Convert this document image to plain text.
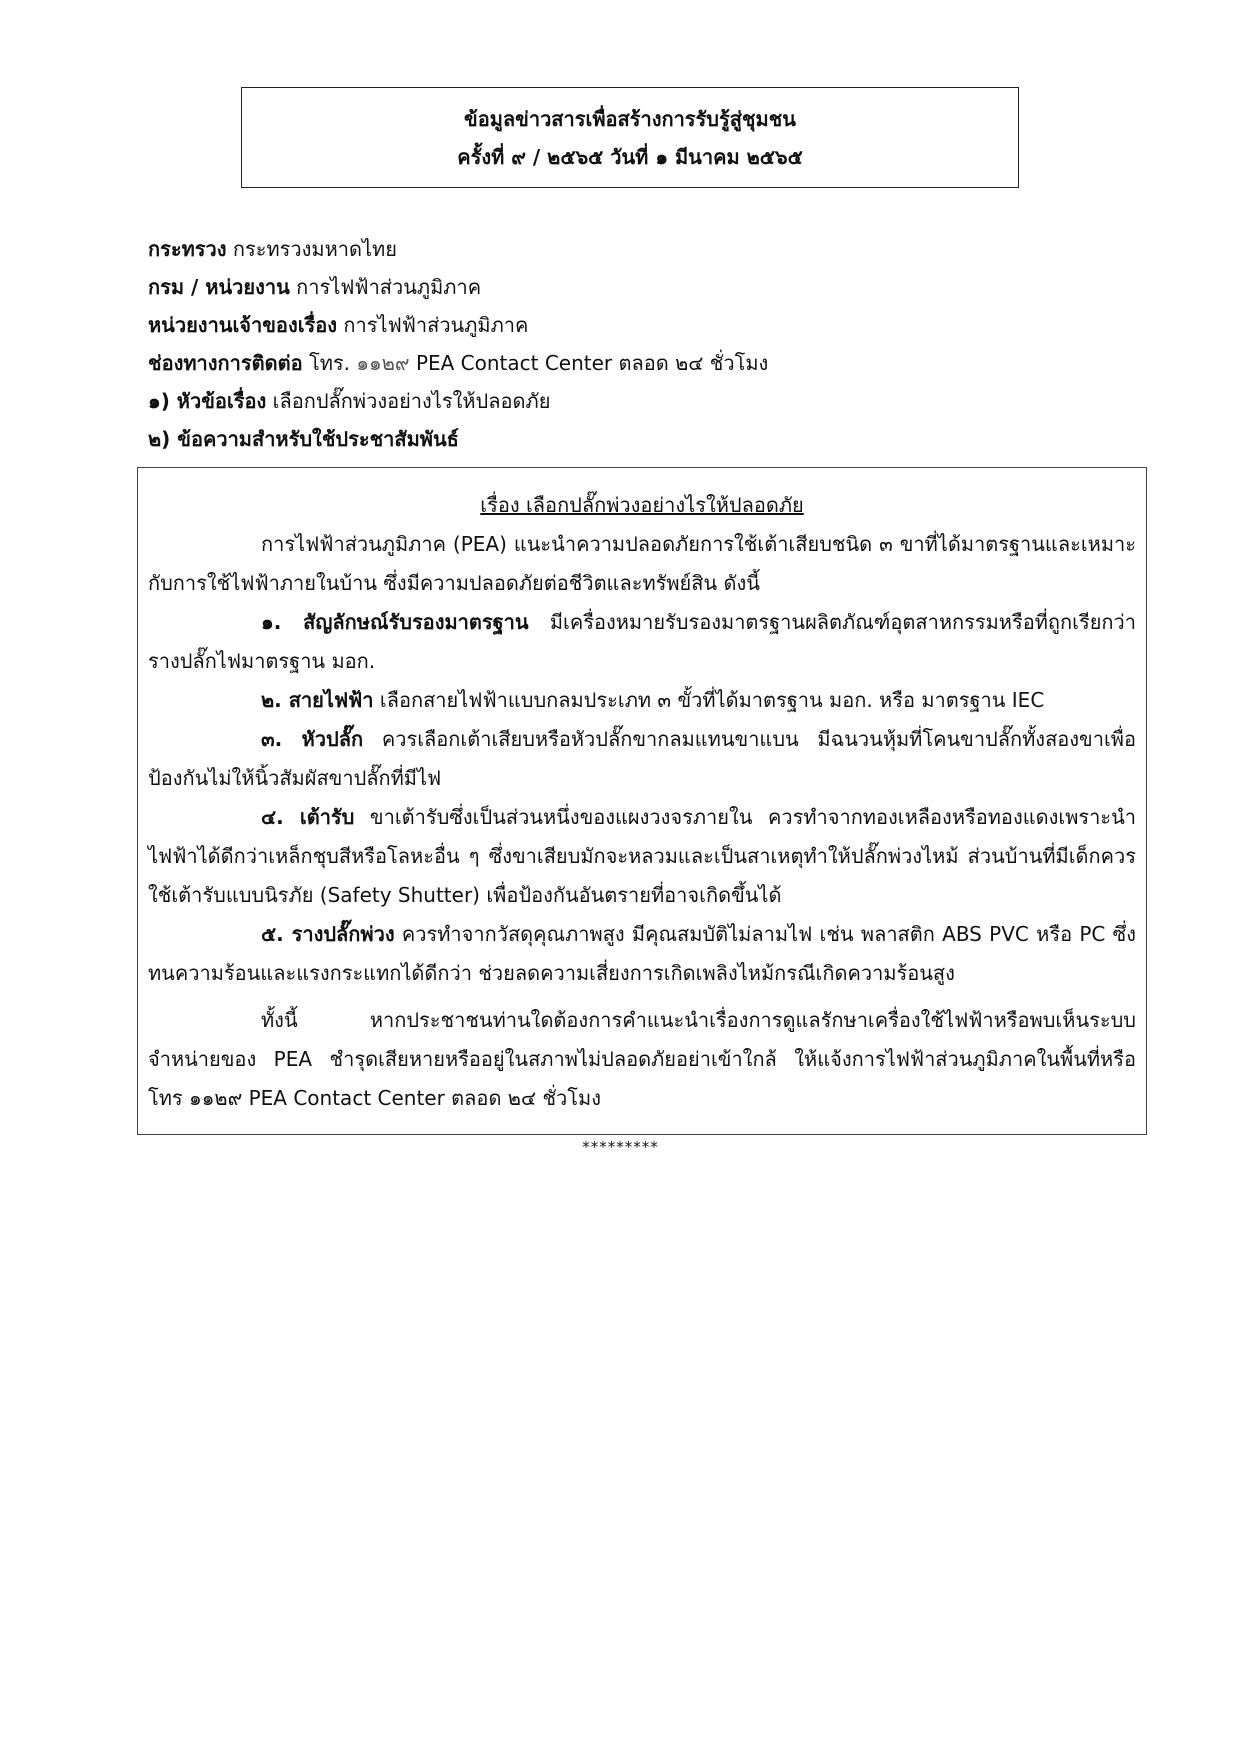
ข้อมูลข่าวสารเพื่อสร้างการรับรู้สู่ชุมชน
ครั้งที่ ๙ / ๒๕๖๕ วันที่ ๑ มีนาคม ๒๕๖๕
กระทรวง กระทรวงมหาดไทย
กรม / หน่วยงาน การไฟฟ้าส่วนภูมิภาค
หน่วยงานเจ้าของเรื่อง การไฟฟ้าส่วนภูมิภาค
ช่องทางการติดต่อ โทร. ๑๑๒๙ PEA Contact Center ตลอด ๒๔ ชั่วโมง
๑) หัวข้อเรื่อง เลือกปลั๊กพ่วงอย่างไรให้ปลอดภัย
๒) ข้อความสำหรับใช้ประชาสัมพันธ์

เรื่อง เลือกปลั๊กพ่วงอย่างไรให้ปลอดภัย

การไฟฟ้าส่วนภูมิภาค (PEA) แนะนำความปลอดภัยการใช้เต้าเสียบชนิด ๓ ขาที่ได้มาตรฐานและเหมาะกับการใช้ไฟฟ้าภายในบ้าน ซึ่งมีความปลอดภัยต่อชีวิตและทรัพย์สิน ดังนี้

๑. สัญลักษณ์รับรองมาตรฐาน มีเครื่องหมายรับรองมาตรฐานผลิตภัณฑ์อุตสาหกรรมหรือที่ถูกเรียกว่า รางปลั๊กไฟมาตรฐาน มอก.

๒. สายไฟฟ้า เลือกสายไฟฟ้าแบบกลมประเภท ๓ ขั้วที่ได้มาตรฐาน มอก. หรือ มาตรฐาน IEC

๓. หัวปลั๊ก ควรเลือกเต้าเสียบหรือหัวปลั๊กขากลมแทนขาแบน มีฉนวนหุ้มที่โคนขาปลั๊กทั้งสองขาเพื่อป้องกันไม่ให้นิ้วสัมผัสขาปลั๊กที่มีไฟ

๔. เต้ารับ ขาเต้ารับซึ่งเป็นส่วนหนึ่งของแผงวงจรภายใน ควรทำจากทองเหลืองหรือทองแดงเพราะนำไฟฟ้าได้ดีกว่าเหล็กชุบสีหรือโลหะอื่น ๆ ซึ่งขาเสียบมักจะหลวมและเป็นสาเหตุทำให้ปลั๊กพ่วงไหม้ ส่วนบ้านที่มีเด็กควรใช้เต้ารับแบบนิรภัย (Safety Shutter) เพื่อป้องกันอันตรายที่อาจเกิดขึ้นได้

๕. รางปลั๊กพ่วง ควรทำจากวัสดุคุณภาพสูง มีคุณสมบัติไม่ลามไฟ เช่น พลาสติก ABS PVC หรือ PC ซึ่งทนความร้อนและแรงกระแทกได้ดีกว่า ช่วยลดความเสี่ยงการเกิดเพลิงไหม้กรณีเกิดความร้อนสูง

ทั้งนี้ หากประชาชนท่านใดต้องการคำแนะนำเรื่องการดูแลรักษาเครื่องใช้ไฟฟ้าหรือพบเห็นระบบจำหน่ายของ PEA ชำรุดเสียหายหรืออยู่ในสภาพไม่ปลอดภัยอย่าเข้าใกล้ ให้แจ้งการไฟฟ้าส่วนภูมิภาคในพื้นที่หรือโทร ๑๑๒๙ PEA Contact Center ตลอด ๒๔ ชั่วโมง

*********
